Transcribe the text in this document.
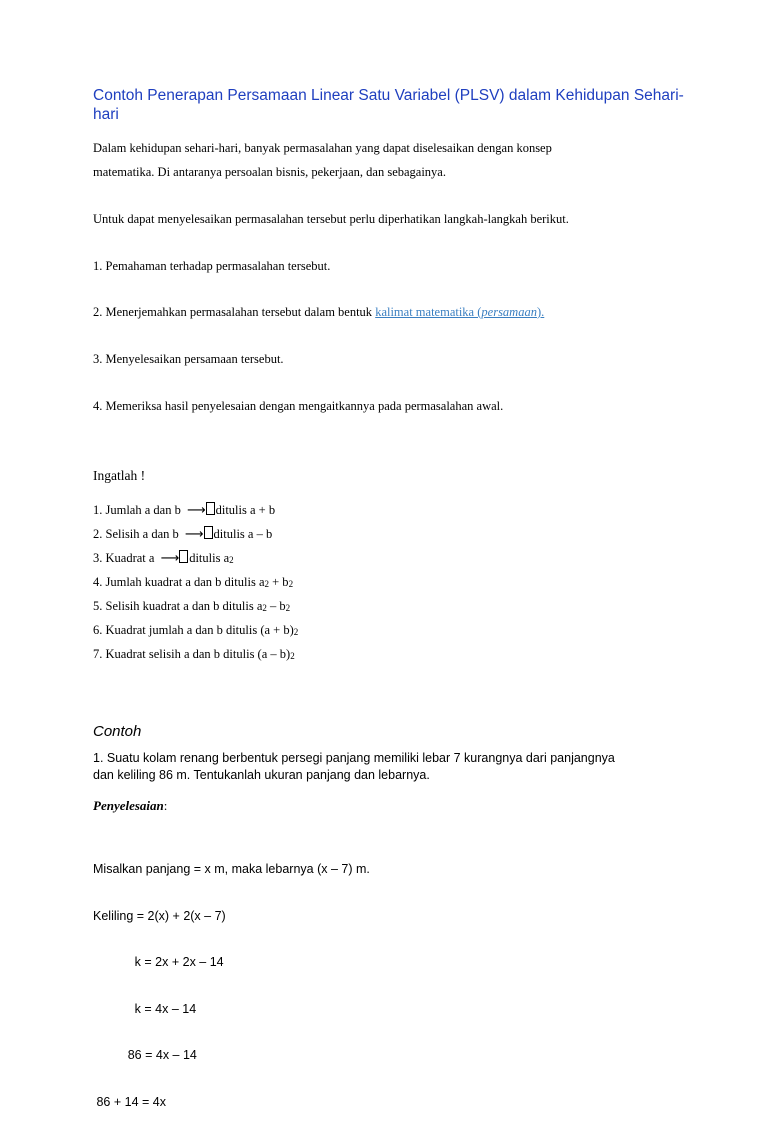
Contoh Penerapan Persamaan Linear Satu Variabel (PLSV) dalam Kehidupan Sehari-hari
Dalam kehidupan sehari-hari, banyak permasalahan yang dapat diselesaikan dengan konsep
matematika. Di antaranya persoalan bisnis, pekerjaan, dan sebagainya.
Untuk dapat menyelesaikan permasalahan tersebut perlu diperhatikan langkah-langkah berikut.
1. Pemahaman terhadap permasalahan tersebut.
2. Menerjemahkan permasalahan tersebut dalam bentuk kalimat matematika (persamaan).
3. Menyelesaikan persamaan tersebut.
4. Memeriksa hasil penyelesaian dengan mengaitkannya pada permasalahan awal.
Ingatlah !
1. Jumlah a dan b ⟶ ditulis a + b
2. Selisih a dan b ⟶ ditulis a – b
3. Kuadrat a ⟶ ditulis $a_2$
4. Jumlah kuadrat a dan b ditulis $a_2 + b_2$
5. Selisih kuadrat a dan b ditulis $a_2 - b_2$
6. Kuadrat jumlah a dan b ditulis $(a + b)_2$
7. Kuadrat selisih a dan b ditulis $(a - b)_2$
Contoh
1. Suatu kolam renang berbentuk persegi panjang memiliki lebar 7 kurangnya dari panjangnya
dan keliling 86 m. Tentukanlah ukuran panjang dan lebarnya.
Penyelesaian:

Misalkan panjang = x m, maka lebarnya (x – 7) m.

Keliling = 2(x) + 2(x – 7)

k = 2x + 2x – 14

k = 4x – 14

86 = 4x – 14

86 + 14 = 4x
